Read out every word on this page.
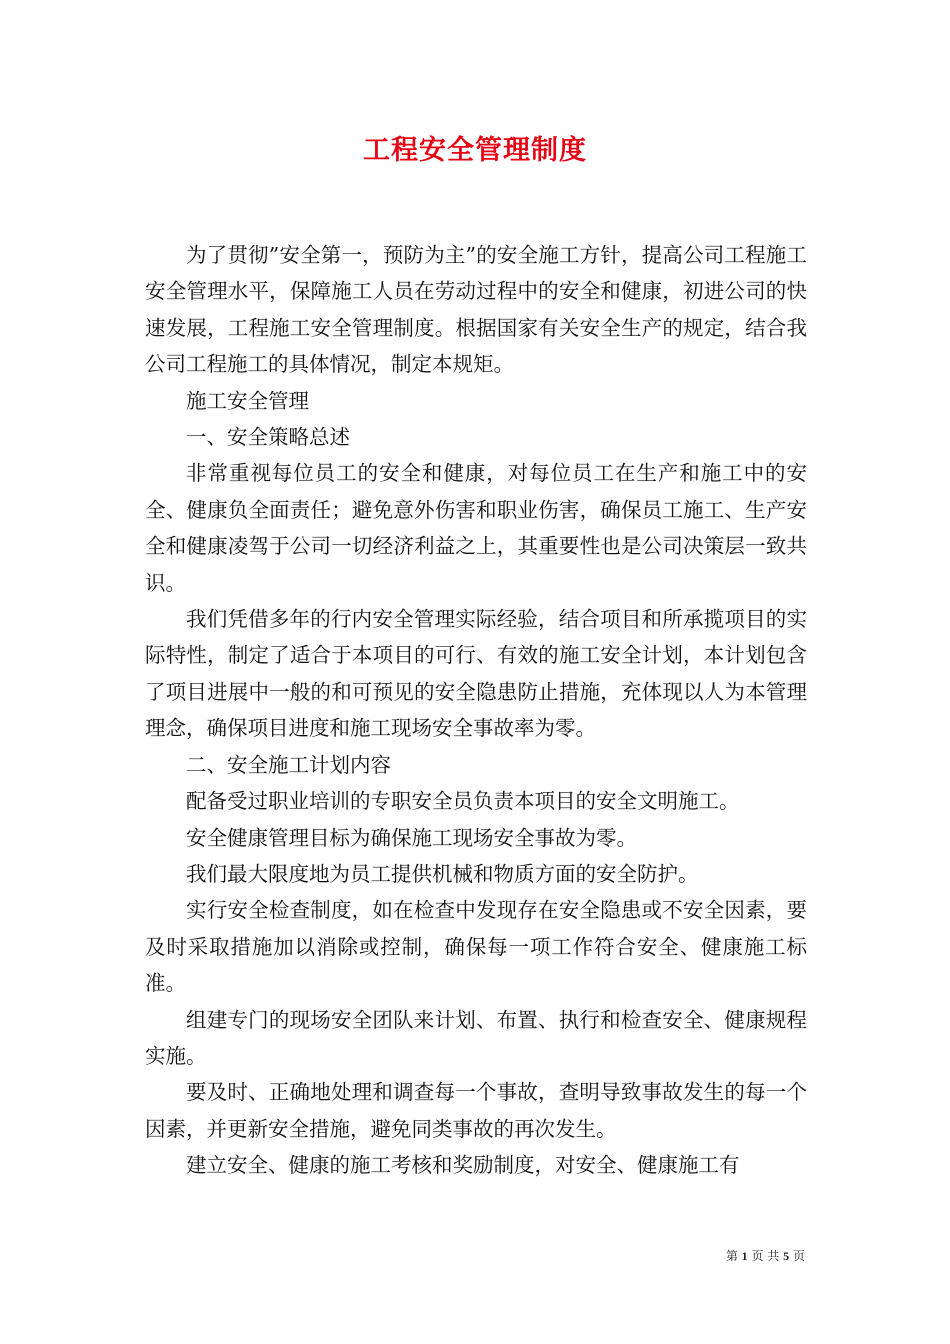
工程安全管理制度

为了贯彻”安全第一，预防为主”的安全施工方针，提高公司工程施工安全管理水平，保障施工人员在劳动过程中的安全和健康，初进公司的快速发展，工程施工安全管理制度。根据国家有关安全生产的规定，结合我公司工程施工的具体情况，制定本规矩。

施工安全管理

一、安全策略总述

非常重视每位员工的安全和健康，对每位员工在生产和施工中的安全、健康负全面责任；避免意外伤害和职业伤害，确保员工施工、生产安全和健康凌驾于公司一切经济利益之上，其重要性也是公司决策层一致共识。

我们凭借多年的行内安全管理实际经验，结合项目和所承揽项目的实际特性，制定了适合于本项目的可行、有效的施工安全计划，本计划包含了项目进展中一般的和可预见的安全隐患防止措施，充体现以人为本管理理念，确保项目进度和施工现场安全事故率为零。

二、安全施工计划内容

配备受过职业培训的专职安全员负责本项目的安全文明施工。

安全健康管理目标为确保施工现场安全事故为零。

我们最大限度地为员工提供机械和物质方面的安全防护。

实行安全检查制度，如在检查中发现存在安全隐患或不安全因素，要及时采取措施加以消除或控制，确保每一项工作符合安全、健康施工标准。

组建专门的现场安全团队来计划、布置、执行和检查安全、健康规程实施。

要及时、正确地处理和调查每一个事故，查明导致事故发生的每一个因素，并更新安全措施，避免同类事故的再次发生。

建立安全、健康的施工考核和奖励制度，对安全、健康施工有

第 1 页 共 5 页
